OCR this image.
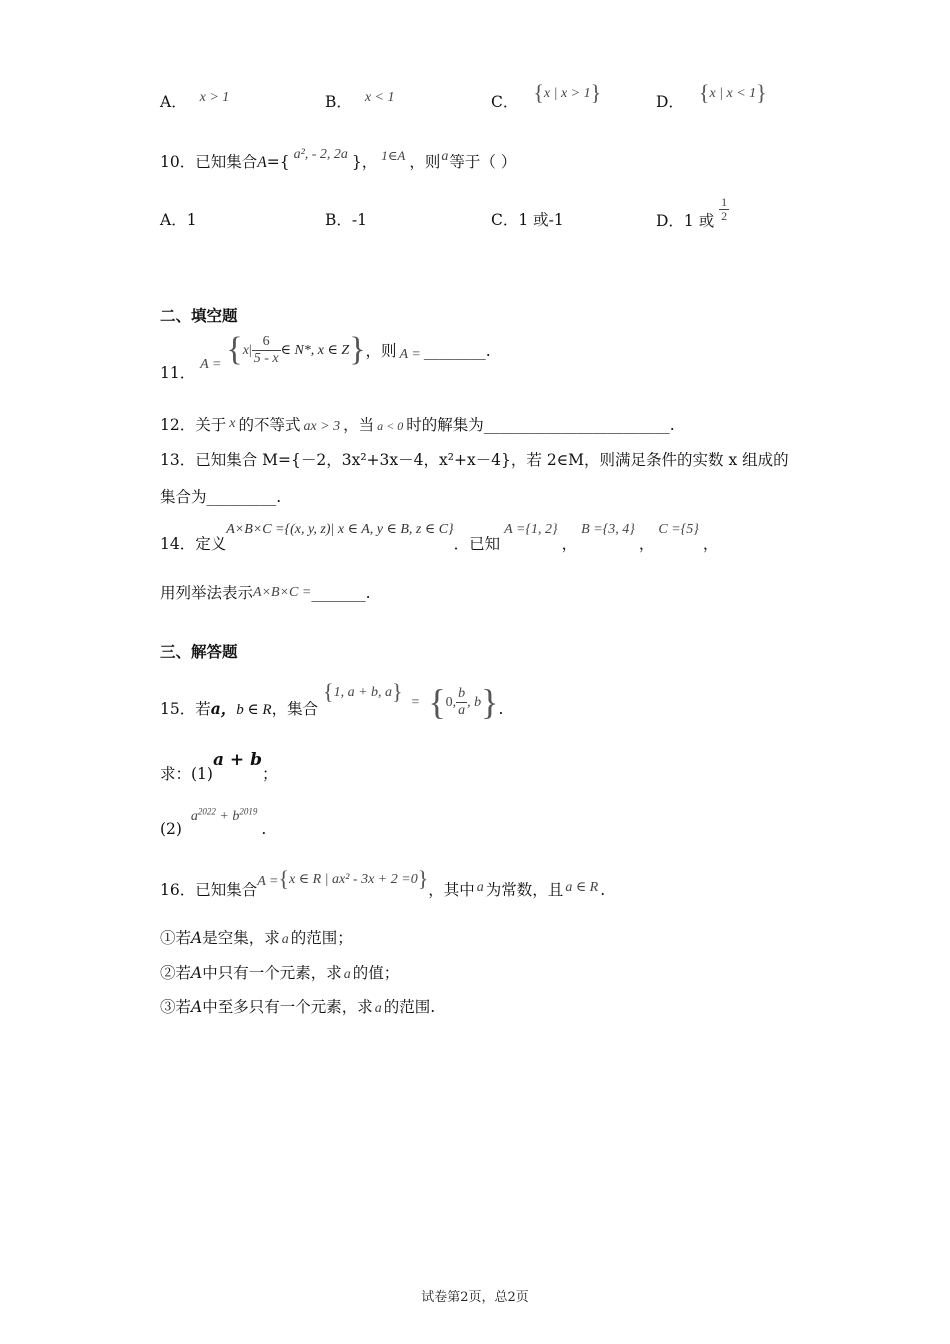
A． x > 1	B． x < 1	C． {x | x > 1}	D． {x | x < 1}
10．已知集合A={ a², - 2, 2a }， $^{1\in A}$ ，则a等于（ ）
A．1	B．-1	C．1 或-1	D．1 或 $\frac{1}{2}$
二、填空题
11． $A = \{x| \frac{6}{5 - x}$ ∈ N*, x ∈ Z}，则 A = ________.
12．关于 x 的不等式 ax > 3 ，当 a < 0 时的解集为________________________.
13．已知集合 M={－2，3x²+3x－4，x²+x－4}，若 2∈M，则满足条件的实数 x 组成的
集合为_________.
14．定义A×B×C ={(x, y, z)| x ∈ A, y ∈ B, z ∈ C}．已知A ={1, 2}，B ={3, 4}，C ={5}，
用列举法表示A×B×C =_______.
三、解答题
15．若a，b ∈ R，集合 {1, a + b, a} = {0, $\frac{b}{a}$ , b}.
求：(1)a + b；
(2) $a^{2022} + b^{2019}$.
16．已知集合A ={x ∈ R | ax² - 3x + 2 =0}，其中 a 为常数，且 a ∈ R .
①若A是空集，求 a 的范围；
②若A中只有一个元素，求 a 的值；
③若A中至多只有一个元素，求 a 的范围.
试卷第2页，总2页
